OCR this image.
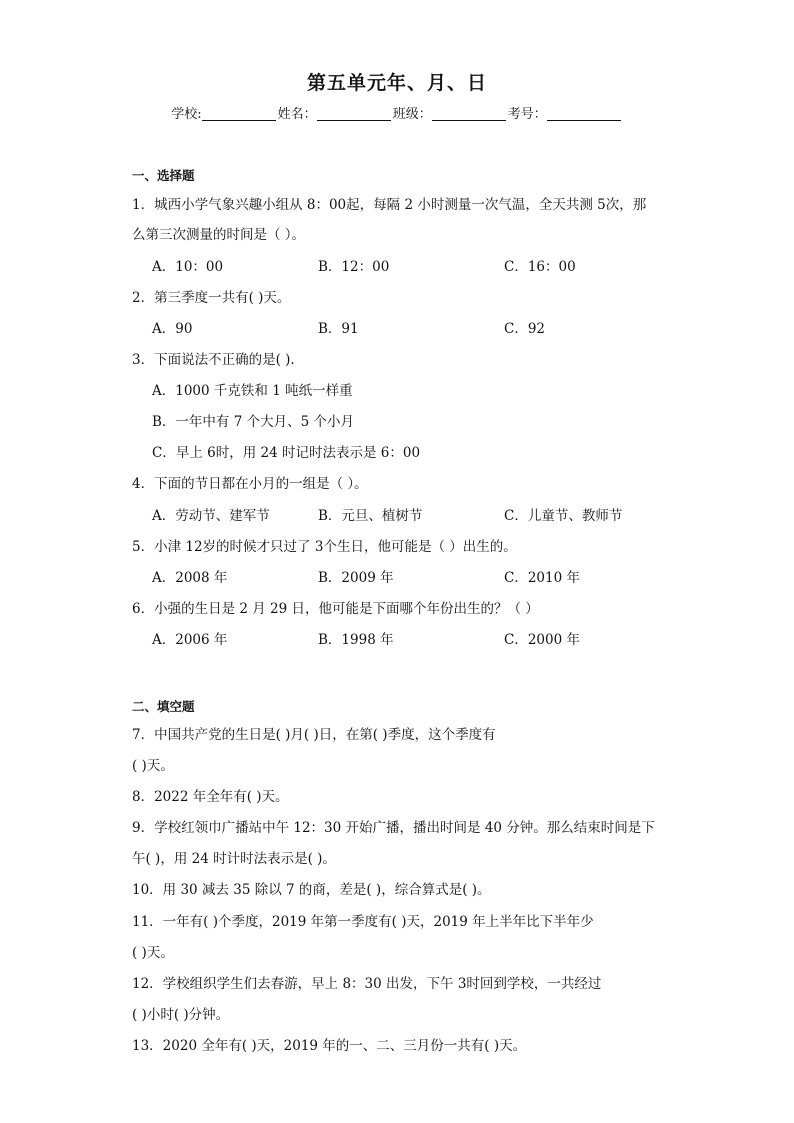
第五单元年、月、日
学校:	姓名：	班级：	考号：
一、选择题
1．城西小学气象兴趣小组从 8：00起，每隔 2 小时测量一次气温，全天共测 5次，那
么第三次测量的时间是（ ）。
A．10：00	B．12：00	C．16：00
2．第三季度一共有( )天。
A．90	B．91	C．92
3．下面说法不正确的是( ).
A．1000 千克铁和 1 吨纸一样重
B．一年中有 7 个大月、5 个小月
C．早上 6时，用 24 时记时法表示是 6：00
4．下面的节日都在小月的一组是（ ）。
A．劳动节、建军节	B．元旦、植树节	C．儿童节、教师节
5．小津 12岁的时候才只过了 3个生日，他可能是（ ）出生的。
A．2008 年	B．2009 年	C．2010 年
6．小强的生日是 2 月 29 日，他可能是下面哪个年份出生的？（ ）
A．2006 年	B．1998 年	C．2000 年
二、填空题
7．中国共产党的生日是( )月( )日，在第( )季度，这个季度有
( )天。
8．2022 年全年有( )天。
9．学校红领巾广播站中午 12：30 开始广播，播出时间是 40 分钟。那么结束时间是下
午( )，用 24 时计时法表示是( )。
10．用 30 减去 35 除以 7 的商，差是( )，综合算式是( )。
11．一年有( )个季度，2019 年第一季度有( )天，2019 年上半年比下半年少
( )天。
12．学校组织学生们去春游，早上 8：30 出发，下午 3时回到学校，一共经过
( )小时( )分钟。
13．2020 全年有( )天，2019 年的一、二、三月份一共有( )天。
